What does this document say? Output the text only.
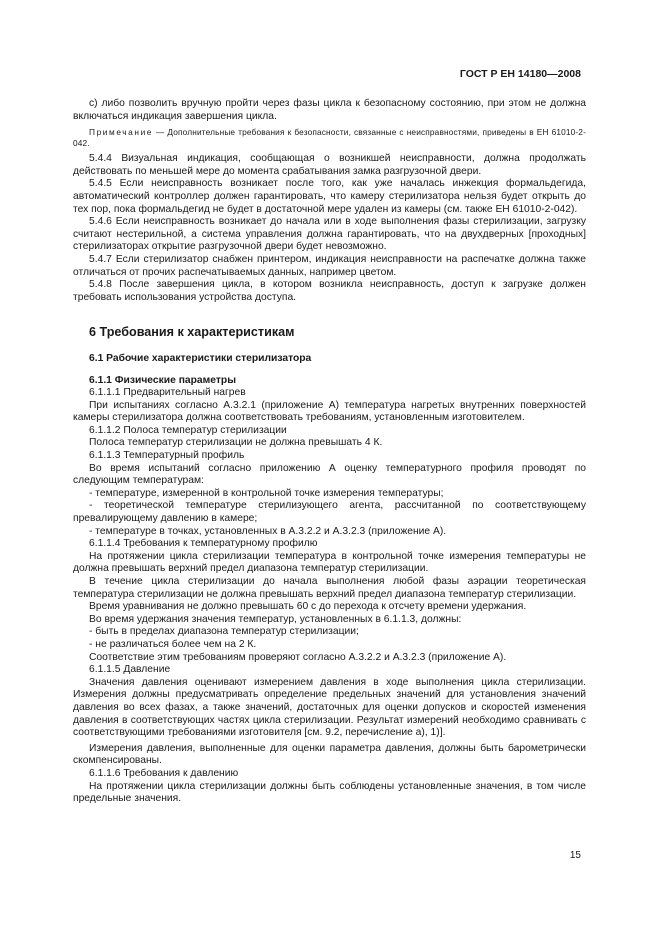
ГОСТ Р ЕН 14180—2008

с) либо позволить вручную пройти через фазы цикла к безопасному состоянию, при этом не должна включаться индикация завершения цикла.

Примечание — Дополнительные требования к безопасности, связанные с неисправностями, приведены в ЕН 61010-2-042.

5.4.4 Визуальная индикация, сообщающая о возникшей неисправности, должна продолжать действовать по меньшей мере до момента срабатывания замка разгрузочной двери.

5.4.5 Если неисправность возникает после того, как уже началась инжекция формальдегида, автоматический контроллер должен гарантировать, что камеру стерилизатора нельзя будет открыть до тех пор, пока формальдегид не будет в достаточной мере удален из камеры (см. также ЕН 61010-2-042).

5.4.6 Если неисправность возникает до начала или в ходе выполнения фазы стерилизации, загрузку считают нестерильной, а система управления должна гарантировать, что на двухдверных [проходных] стерилизаторах открытие разгрузочной двери будет невозможно.

5.4.7 Если стерилизатор снабжен принтером, индикация неисправности на распечатке должна также отличаться от прочих распечатываемых данных, например цветом.

5.4.8 После завершения цикла, в котором возникла неисправность, доступ к загрузке должен требовать использования устройства доступа.

6 Требования к характеристикам

6.1 Рабочие характеристики стерилизатора

6.1.1 Физические параметры

6.1.1.1 Предварительный нагрев

При испытаниях согласно А.3.2.1 (приложение А) температура нагретых внутренних поверхностей камеры стерилизатора должна соответствовать требованиям, установленным изготовителем.

6.1.1.2 Полоса температур стерилизации

Полоса температур стерилизации не должна превышать 4 К.

6.1.1.3 Температурный профиль

Во время испытаний согласно приложению А оценку температурного профиля проводят по следующим температурам:

- температуре, измеренной в контрольной точке измерения температуры;

- теоретической температуре стерилизующего агента, рассчитанной по соответствующему превалирующему давлению в камере;

- температуре в точках, установленных в А.3.2.2 и А.3.2.3 (приложение А).

6.1.1.4 Требования к температурному профилю

На протяжении цикла стерилизации температура в контрольной точке измерения температуры не должна превышать верхний предел диапазона температур стерилизации.

В течение цикла стерилизации до начала выполнения любой фазы аэрации теоретическая температура стерилизации не должна превышать верхний предел диапазона температур стерилизации.

Время уравнивания не должно превышать 60 с до перехода к отсчету времени удержания.

Во время удержания значения температур, установленных в 6.1.1.3, должны:

- быть в пределах диапазона температур стерилизации;

- не различаться более чем на 2 К.

Соответствие этим требованиям проверяют согласно А.3.2.2 и А.3.2.3 (приложение А).

6.1.1.5 Давление

Значения давления оценивают измерением давления в ходе выполнения цикла стерилизации. Измерения должны предусматривать определение предельных значений для установления значений давления во всех фазах, а также значений, достаточных для оценки допусков и скоростей изменения давления в соответствующих частях цикла стерилизации. Результат измерений необходимо сравнивать с соответствующими требованиями изготовителя [см. 9.2, перечисление а), 1)].

Измерения давления, выполненные для оценки параметра давления, должны быть барометрически скомпенсированы.

6.1.1.6 Требования к давлению

На протяжении цикла стерилизации должны быть соблюдены установленные значения, в том числе предельные значения.

15
